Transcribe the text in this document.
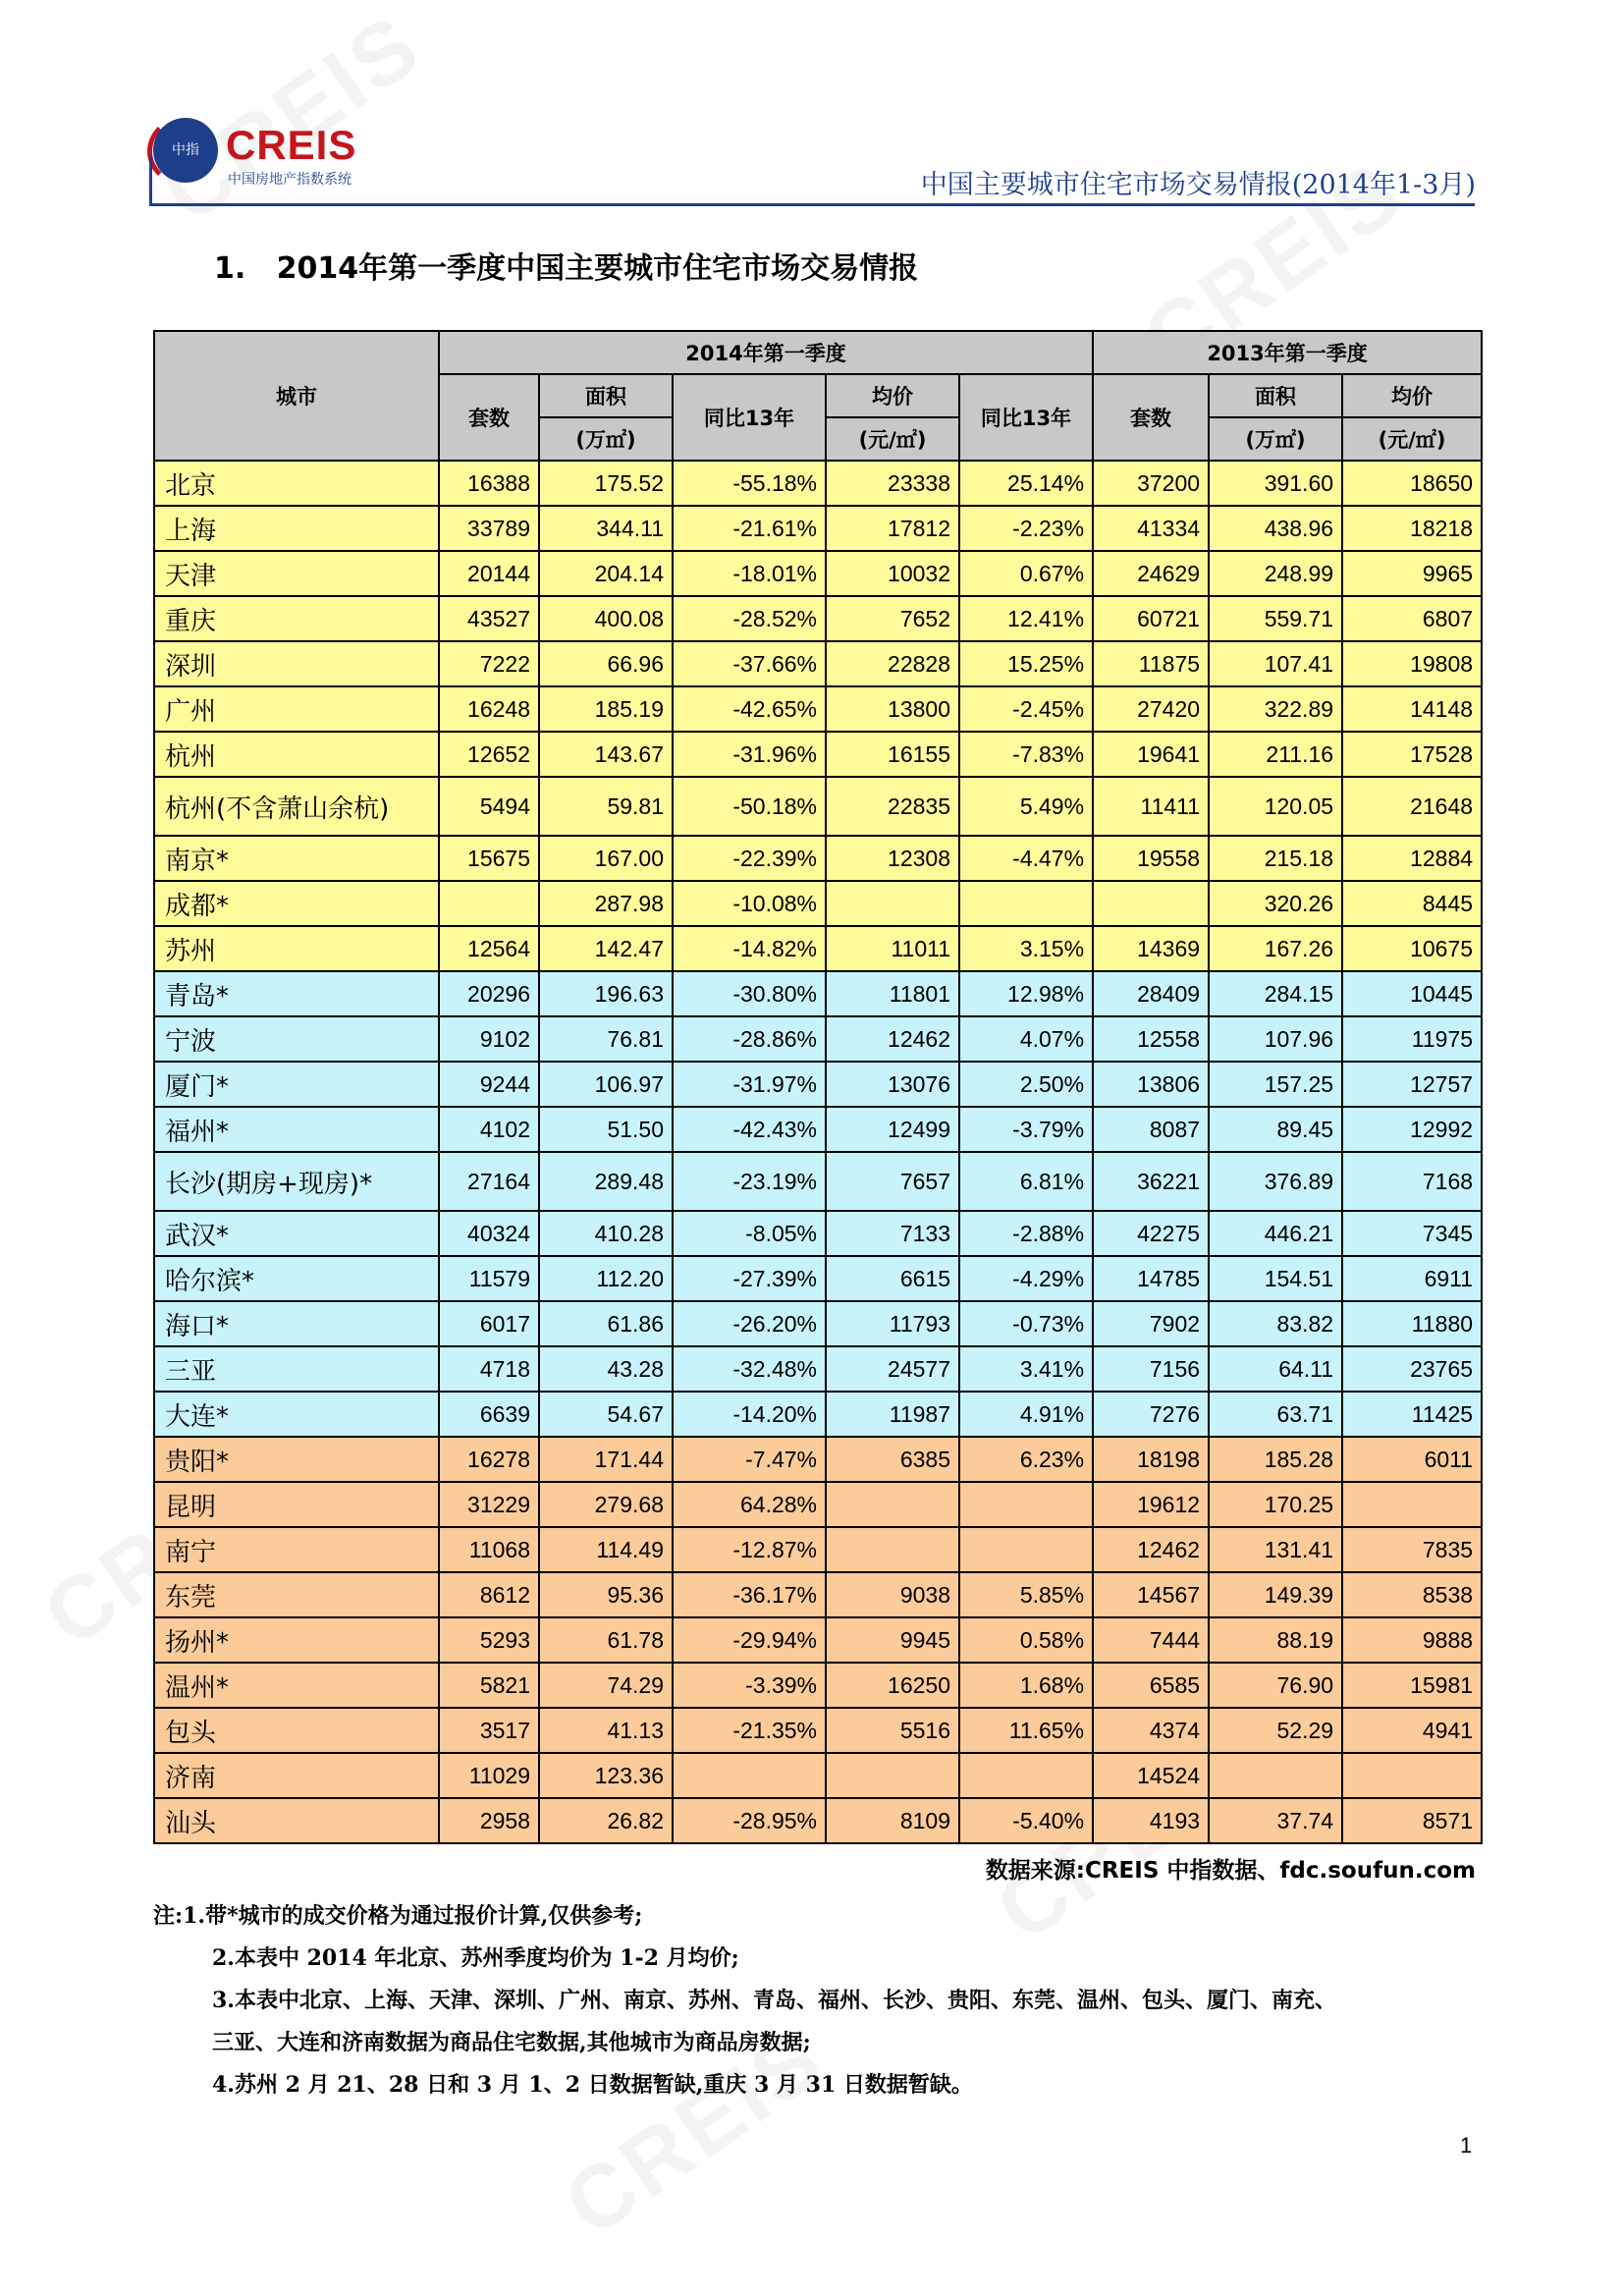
中指 CREIS
中国房地产指数系统	中国主要城市住宅市场交易情报(2014年1-3月)
1. 2014年第一季度中国主要城市住宅市场交易情报
城市	2014年第一季度					2013年第一季度		
	套数	面积	同比13年	均价	同比13年	套数	面积	均价
		(万㎡)		(元/㎡)			(万㎡)	(元/㎡)
北京	16388	175.52	-55.18%	23338	25.14%	37200	391.60	18650
上海	33789	344.11	-21.61%	17812	-2.23%	41334	438.96	18218
天津	20144	204.14	-18.01%	10032	0.67%	24629	248.99	9965
重庆	43527	400.08	-28.52%	7652	12.41%	60721	559.71	6807
深圳	7222	66.96	-37.66%	22828	15.25%	11875	107.41	19808
广州	16248	185.19	-42.65%	13800	-2.45%	27420	322.89	14148
杭州	12652	143.67	-31.96%	16155	-7.83%	19641	211.16	17528
杭州(不含萧山余杭)	5494	59.81	-50.18%	22835	5.49%	11411	120.05	21648
南京*	15675	167.00	-22.39%	12308	-4.47%	19558	215.18	12884
成都*		287.98	-10.08%				320.26	8445
苏州	12564	142.47	-14.82%	11011	3.15%	14369	167.26	10675
青岛*	20296	196.63	-30.80%	11801	12.98%	28409	284.15	10445
宁波	9102	76.81	-28.86%	12462	4.07%	12558	107.96	11975
厦门*	9244	106.97	-31.97%	13076	2.50%	13806	157.25	12757
福州*	4102	51.50	-42.43%	12499	-3.79%	8087	89.45	12992
长沙(期房+现房)*	27164	289.48	-23.19%	7657	6.81%	36221	376.89	7168
武汉*	40324	410.28	-8.05%	7133	-2.88%	42275	446.21	7345
哈尔滨*	11579	112.20	-27.39%	6615	-4.29%	14785	154.51	6911
海口*	6017	61.86	-26.20%	11793	-0.73%	7902	83.82	11880
三亚	4718	43.28	-32.48%	24577	3.41%	7156	64.11	23765
大连*	6639	54.67	-14.20%	11987	4.91%	7276	63.71	11425
贵阳*	16278	171.44	-7.47%	6385	6.23%	18198	185.28	6011
昆明	31229	279.68	64.28%			19612	170.25	
南宁	11068	114.49	-12.87%			12462	131.41	7835
东莞	8612	95.36	-36.17%	9038	5.85%	14567	149.39	8538
扬州*	5293	61.78	-29.94%	9945	0.58%	7444	88.19	9888
温州*	5821	74.29	-3.39%	16250	1.68%	6585	76.90	15981
包头	3517	41.13	-21.35%	5516	11.65%	4374	52.29	4941
济南	11029	123.36				14524		
汕头	2958	26.82	-28.95%	8109	-5.40%	4193	37.74	8571
数据来源:CREIS 中指数据、fdc.soufun.com
注:1.带*城市的成交价格为通过报价计算,仅供参考;
2.本表中 2014 年北京、苏州季度均价为 1-2 月均价;
3.本表中北京、上海、天津、深圳、广州、南京、苏州、青岛、福州、长沙、贵阳、东莞、温州、包头、厦门、南充、
三亚、大连和济南数据为商品住宅数据,其他城市为商品房数据;
4.苏州 2 月 21、28 日和 3 月 1、2 日数据暂缺,重庆 3 月 31 日数据暂缺。
1
